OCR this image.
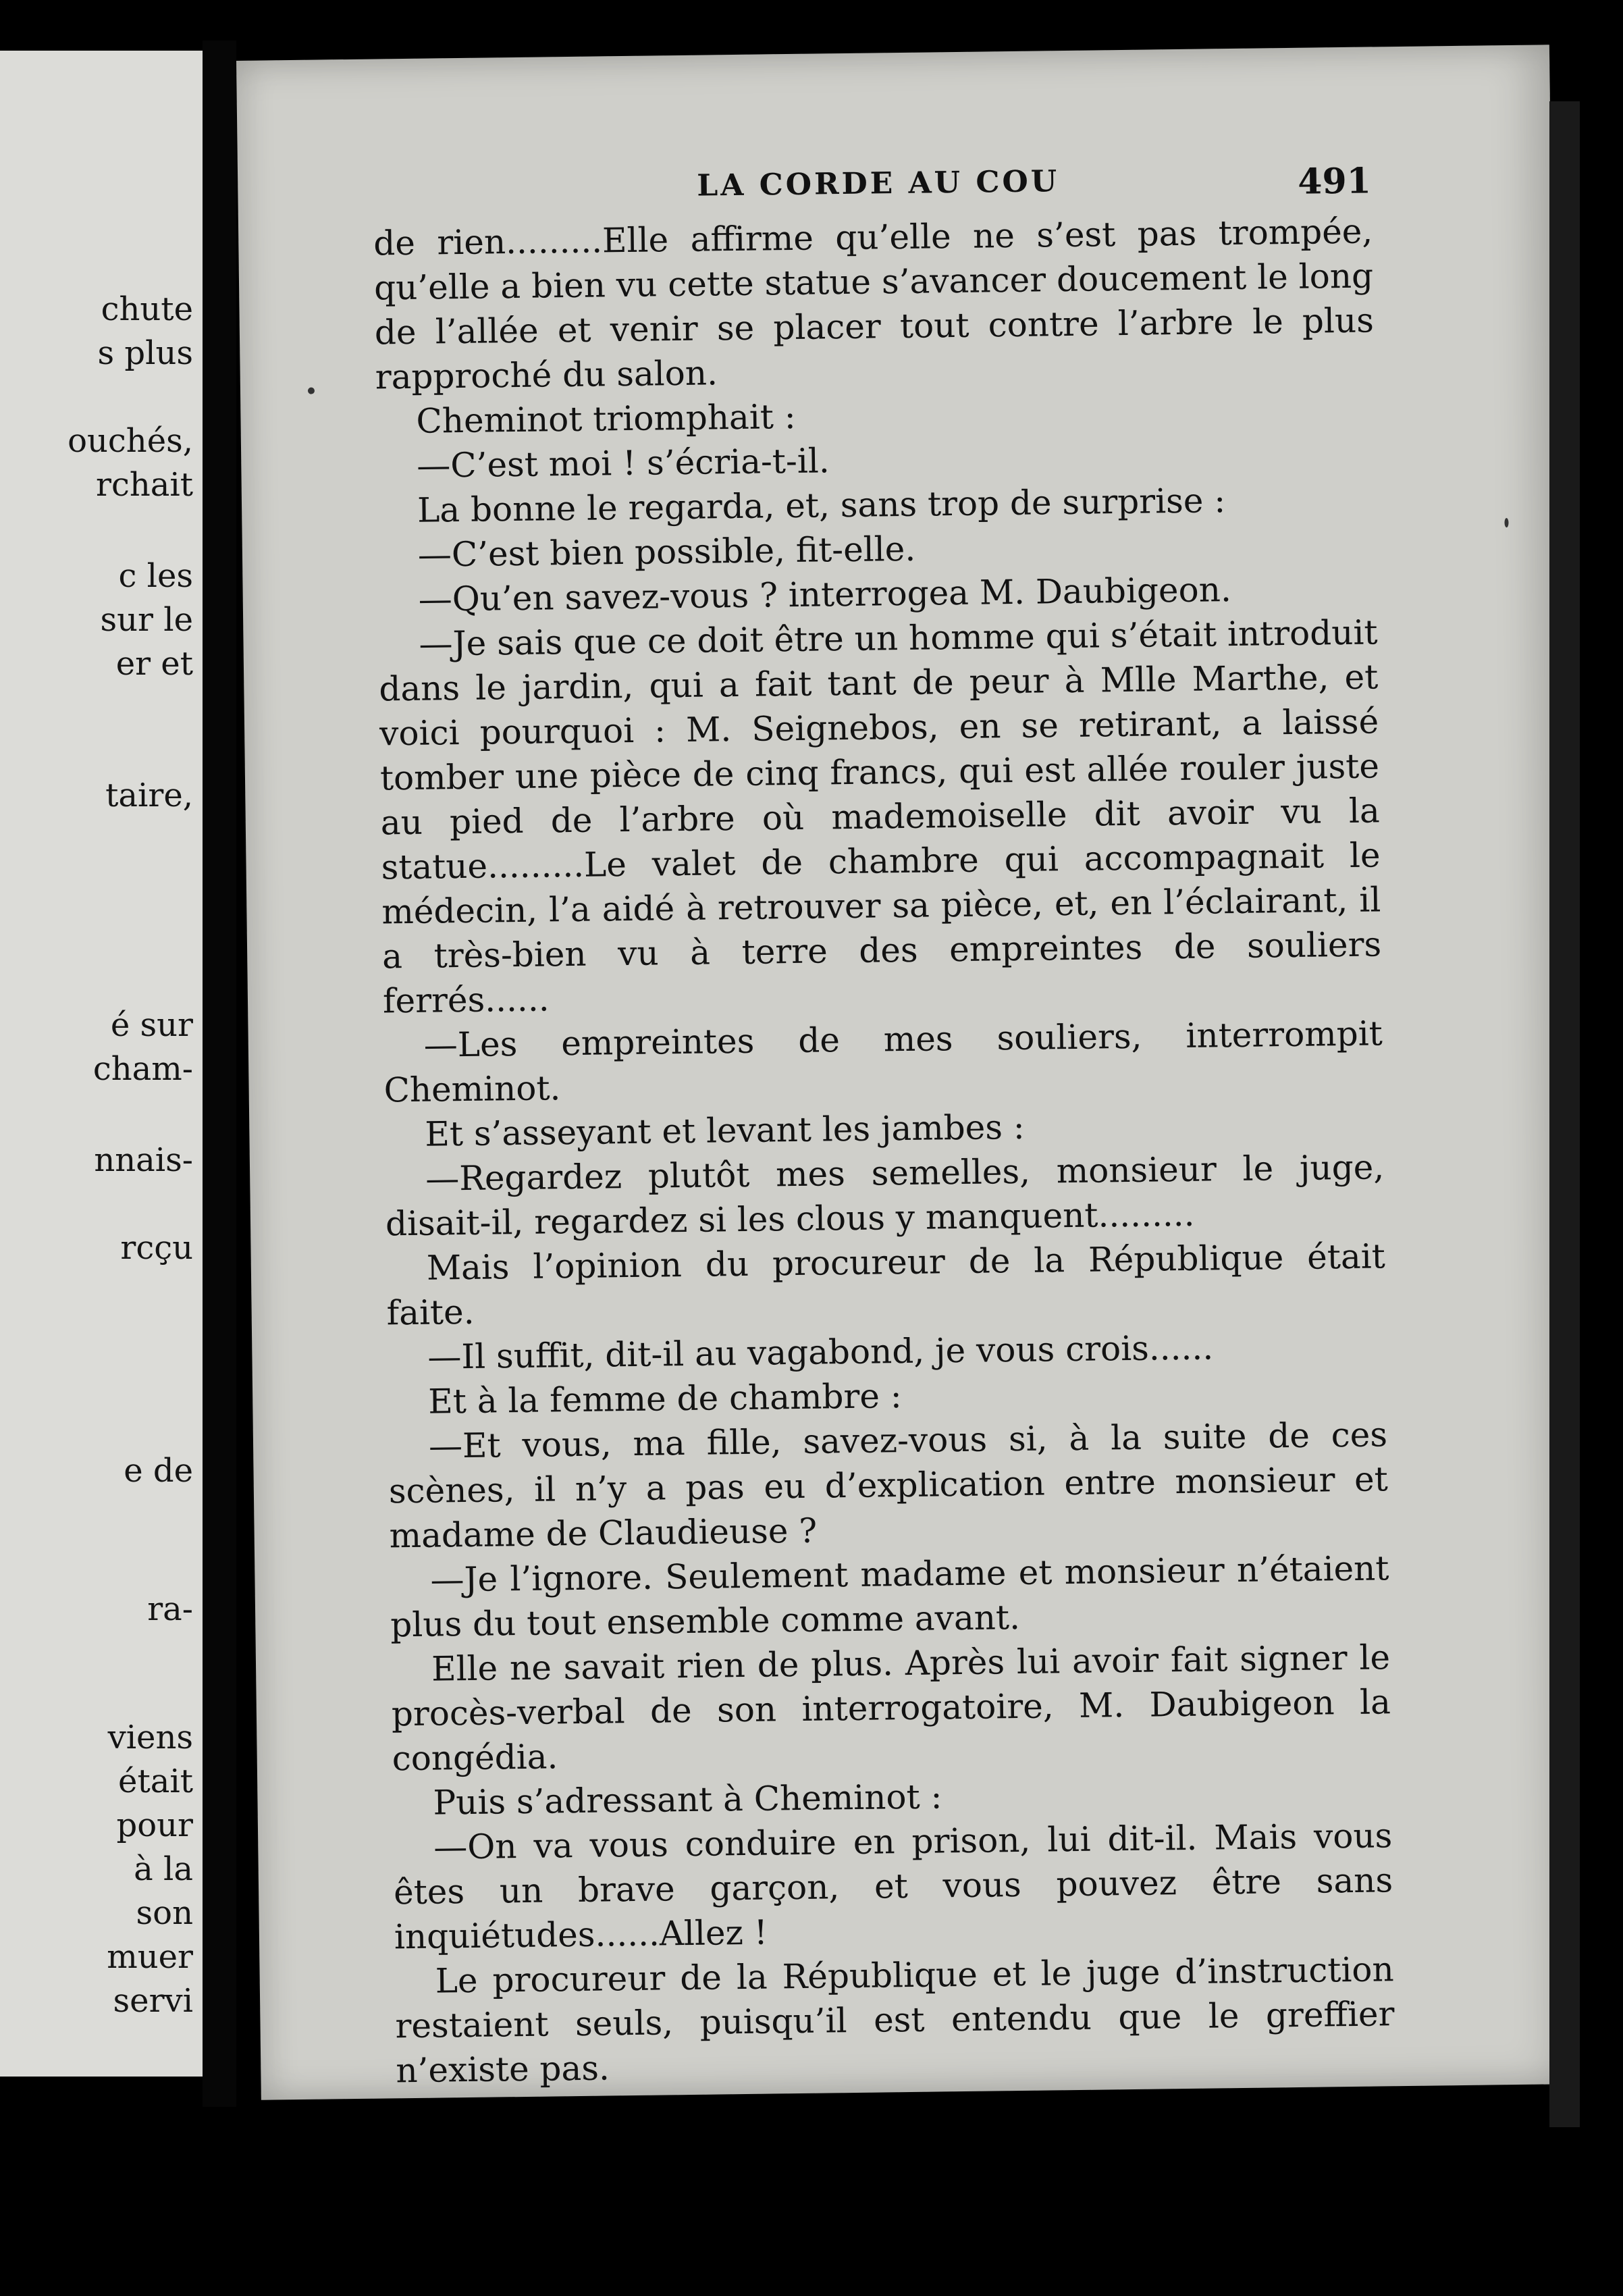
chute
s plus
ouchés,
rchait
c les
sur le
er et
taire,
é sur
cham-
nnais-
rcçu
e de
ra-
viens
était
pour
à la
son
muer
servi
LA CORDE AU COU	491

de rien.........Elle affirme qu’elle ne s’est pas trompée, qu’elle a bien vu cette statue s’avancer doucement le long de l’allée et venir se placer tout contre l’arbre le plus rapproché du salon.

Cheminot triomphait :

—C’est moi ! s’écria-t-il.

La bonne le regarda, et, sans trop de surprise :

—C’est bien possible, fit-elle.

—Qu’en savez-vous ? interrogea M. Daubigeon.

—Je sais que ce doit être un homme qui s’était introduit dans le jardin, qui a fait tant de peur à Mlle Marthe, et voici pourquoi : M. Seignebos, en se retirant, a laissé tomber une pièce de cinq francs, qui est allée rouler juste au pied de l’arbre où mademoiselle dit avoir vu la statue.........Le valet de chambre qui accompagnait le médecin, l’a aidé à retrouver sa pièce, et, en l’éclairant, il a très-bien vu à terre des empreintes de souliers ferrés......

—Les empreintes de mes souliers, interrompit Cheminot.

Et s’asseyant et levant les jambes :

—Regardez plutôt mes semelles, monsieur le juge, disait-il, regardez si les clous y manquent.........

Mais l’opinion du procureur de la République était faite.

—Il suffit, dit-il au vagabond, je vous crois......

Et à la femme de chambre :

—Et vous, ma fille, savez-vous si, à la suite de ces scènes, il n’y a pas eu d’explication entre monsieur et madame de Claudieuse ?

—Je l’ignore. Seulement madame et monsieur n’étaient plus du tout ensemble comme avant.

Elle ne savait rien de plus. Après lui avoir fait signer le procès-verbal de son interrogatoire, M. Daubigeon la congédia.

Puis s’adressant à Cheminot :

—On va vous conduire en prison, lui dit-il. Mais vous êtes un brave garçon, et vous pouvez être sans inquiétudes......Allez !

Le procureur de la République et le juge d’instruction restaient seuls, puisqu’il est entendu que le greffier n’existe pas.
